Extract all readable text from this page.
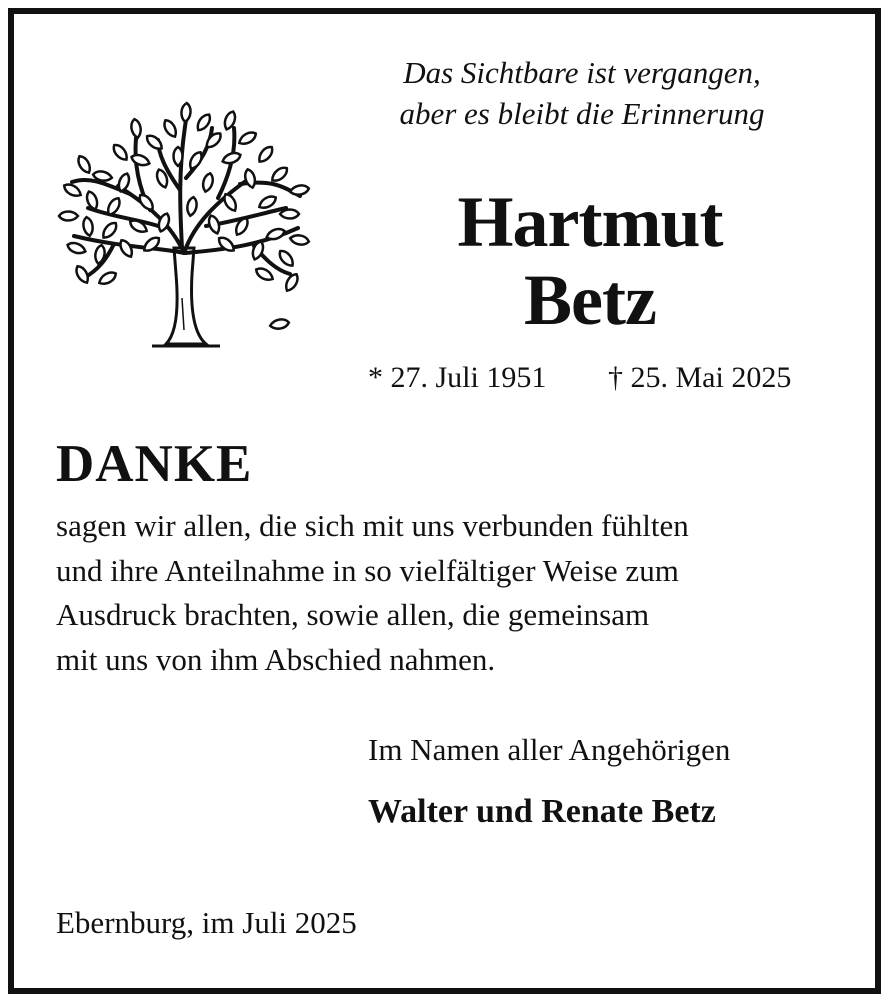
Das Sichtbare ist vergangen,
aber es bleibt die Erinnerung
Hartmut
Betz
* 27. Juli 1951 † 25. Mai 2025
DANKE
sagen wir allen, die sich mit uns verbunden fühlten
und ihre Anteilnahme in so vielfältiger Weise zum
Ausdruck brachten, sowie allen, die gemeinsam
mit uns von ihm Abschied nahmen.
Im Namen aller Angehörigen
Walter und Renate Betz
Ebernburg, im Juli 2025
